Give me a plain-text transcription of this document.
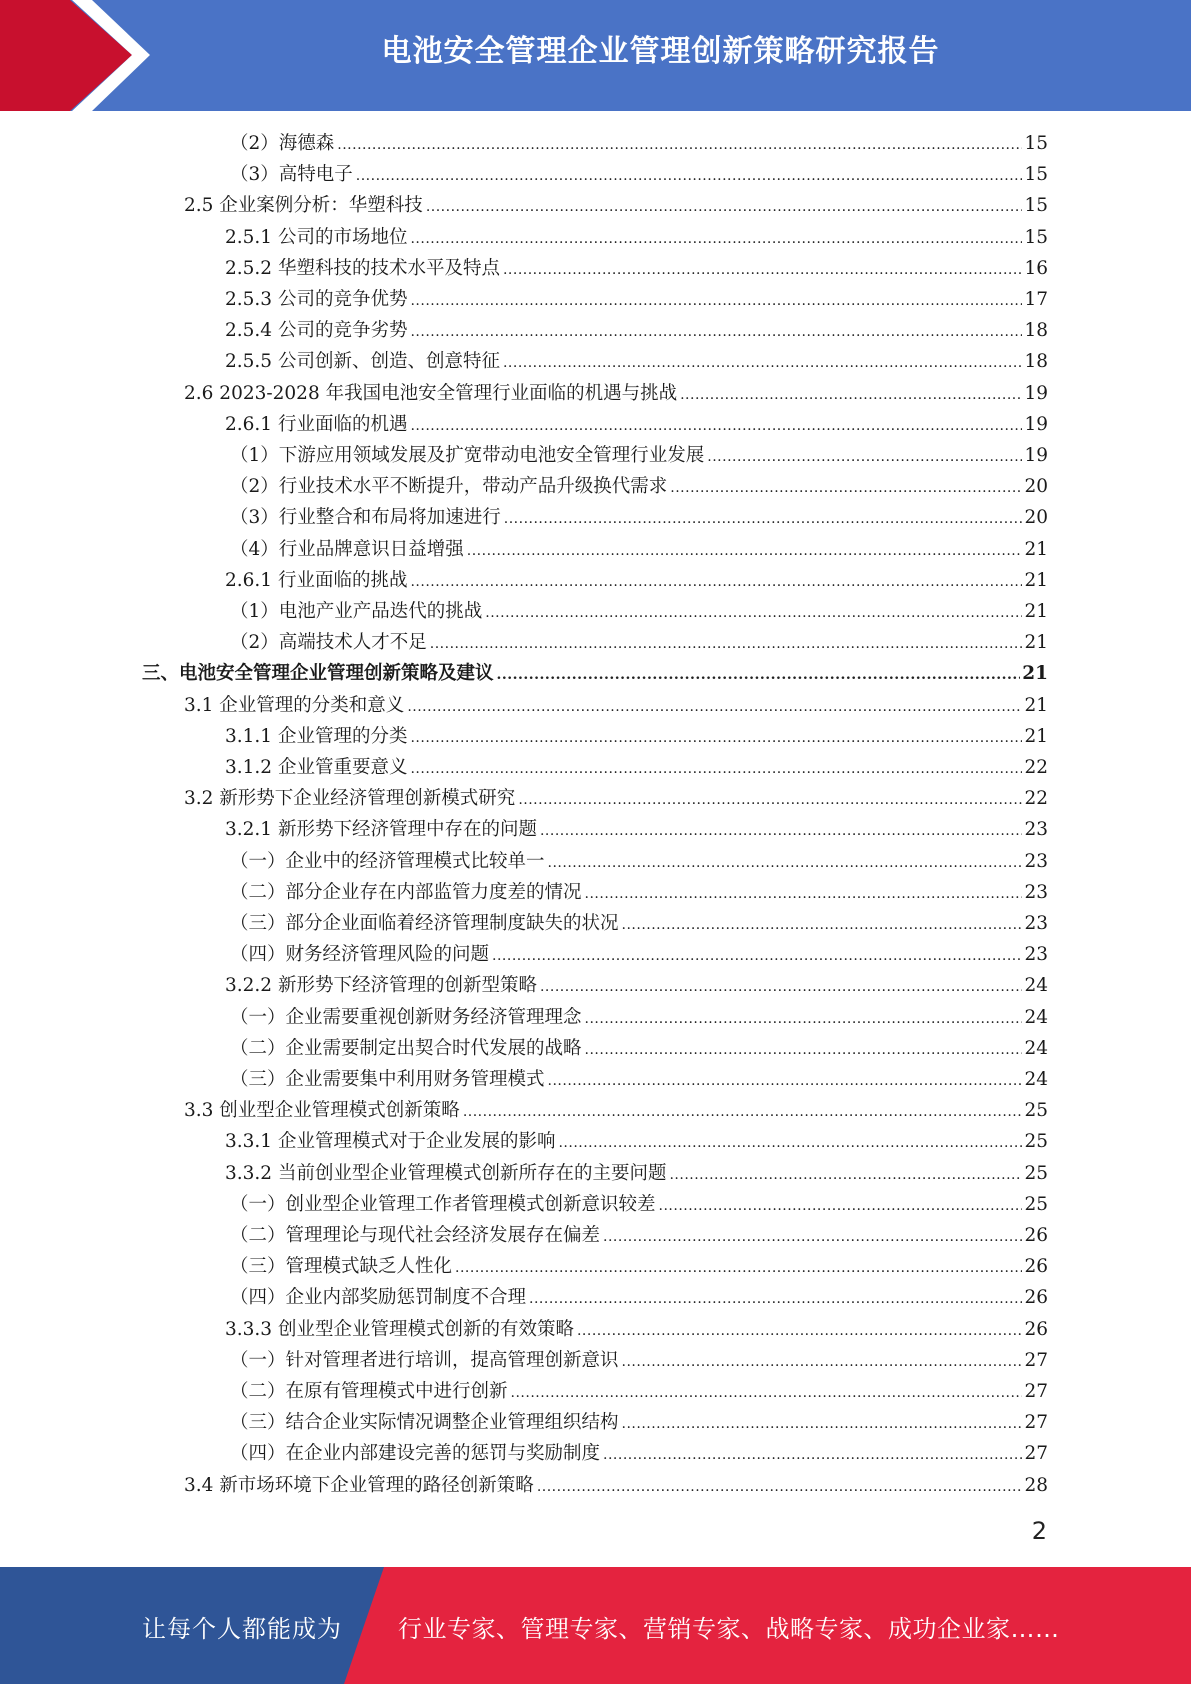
电池安全管理企业管理创新策略研究报告
（2）海德森 .....	15
（3）高特电子 .....	15
2.5 企业案例分析：华塑科技 .....	15
2.5.1 公司的市场地位 .....	15
2.5.2 华塑科技的技术水平及特点 .....	16
2.5.3 公司的竞争优势 .....	17
2.5.4 公司的竞争劣势 .....	18
2.5.5 公司创新、创造、创意特征 .....	18
2.6 2023-2028 年我国电池安全管理行业面临的机遇与挑战 .....	19
2.6.1 行业面临的机遇 .....	19
（1）下游应用领域发展及扩宽带动电池安全管理行业发展 .....	19
（2）行业技术水平不断提升，带动产品升级换代需求 .....	20
（3）行业整合和布局将加速进行 .....	20
（4）行业品牌意识日益增强 .....	21
2.6.1 行业面临的挑战 .....	21
（1）电池产业产品迭代的挑战 .....	21
（2）高端技术人才不足 .....	21
三、电池安全管理企业管理创新策略及建议 .....	21
3.1 企业管理的分类和意义 .....	21
3.1.1 企业管理的分类 .....	21
3.1.2 企业管重要意义 .....	22
3.2 新形势下企业经济管理创新模式研究 .....	22
3.2.1 新形势下经济管理中存在的问题 .....	23
（一）企业中的经济管理模式比较单一 .....	23
（二）部分企业存在内部监管力度差的情况 .....	23
（三）部分企业面临着经济管理制度缺失的状况 .....	23
（四）财务经济管理风险的问题 .....	23
3.2.2 新形势下经济管理的创新型策略 .....	24
（一）企业需要重视创新财务经济管理理念 .....	24
（二）企业需要制定出契合时代发展的战略 .....	24
（三）企业需要集中利用财务管理模式 .....	24
3.3 创业型企业管理模式创新策略 .....	25
3.3.1 企业管理模式对于企业发展的影响 .....	25
3.3.2 当前创业型企业管理模式创新所存在的主要问题 .....	25
（一）创业型企业管理工作者管理模式创新意识较差 .....	25
（二）管理理论与现代社会经济发展存在偏差 .....	26
（三）管理模式缺乏人性化 .....	26
（四）企业内部奖励惩罚制度不合理 .....	26
3.3.3 创业型企业管理模式创新的有效策略 .....	26
（一）针对管理者进行培训，提高管理创新意识 .....	27
（二）在原有管理模式中进行创新 .....	27
（三）结合企业实际情况调整企业管理组织结构 .....	27
（四）在企业内部建设完善的惩罚与奖励制度 .....	27
3.4 新市场环境下企业管理的路径创新策略 .....	28
2
让每个人都能成为 行业专家、管理专家、营销专家、战略专家、成功企业家……
